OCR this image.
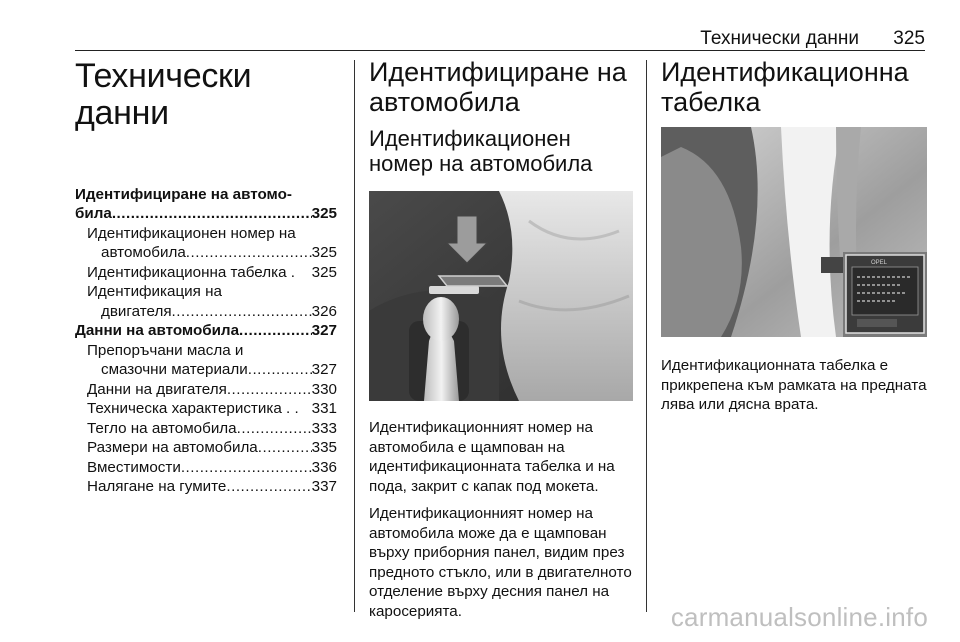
Технически данни 325
Технически данни
Идентифициране на автомо-
била .....	325
Идентификационен номер на
автомобила .....	325
Идентификационна табелка . 325
Идентификация на
двигателя .....	326
Данни на автомобила .....	327
Препоръчани масла и
смазочни материали .....	327
Данни на двигателя .....	330
Техническа характеристика . . 331
Тегло на автомобила .....	333
Размери на автомобила .....	335
Вместимости .....	336
Налягане на гумите .....	337
Идентифициране на автомобила
Идентификационен номер на автомобила

Идентификационният номер на автомобила е щампован на идентификационната табелка и на пода, закрит с капак под мокета.

Идентификационният номер на автомобила може да е щампован върху приборния панел, видим през предното стъкло, или в двигателното отделение върху десния панел на каросерията.

Идентификационна табелка
OPEL

Идентификационната табелка е прикрепена към рамката на предната лява или дясна врата.

carmanualsonline.info
